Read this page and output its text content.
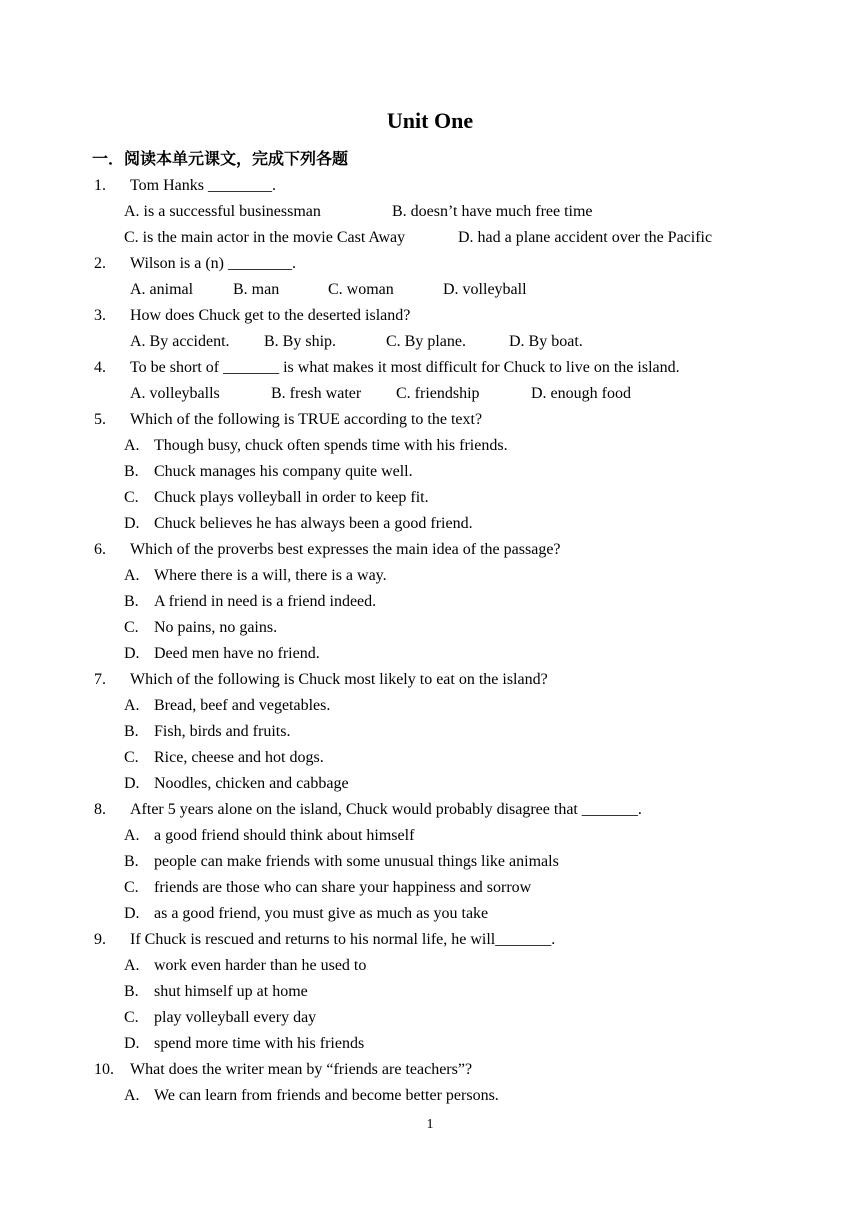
Unit One
一．阅读本单元课文，完成下列各题
1. Tom Hanks ________.
A. is a successful businessman	B. doesn’t have much free time
C. is the main actor in the movie Cast Away	D. had a plane accident over the Pacific
2. Wilson is a (n) ________.
A. animal B. man	C. woman	D. volleyball
3. How does Chuck get to the deserted island?
A. By accident. B. By ship.	C. By plane.	D. By boat.
4. To be short of _______ is what makes it most difficult for Chuck to live on the island.
A. volleyballs	B. fresh water C. friendship	D. enough food
5. Which of the following is TRUE according to the text?
A. Though busy, chuck often spends time with his friends.
B. Chuck manages his company quite well.
C. Chuck plays volleyball in order to keep fit.
D. Chuck believes he has always been a good friend.
6. Which of the proverbs best expresses the main idea of the passage?
A. Where there is a will, there is a way.
B. A friend in need is a friend indeed.
C. No pains, no gains.
D. Deed men have no friend.
7. Which of the following is Chuck most likely to eat on the island?
A. Bread, beef and vegetables.
B. Fish, birds and fruits.
C. Rice, cheese and hot dogs.
D. Noodles, chicken and cabbage
8. After 5 years alone on the island, Chuck would probably disagree that _______.
A. a good friend should think about himself
B. people can make friends with some unusual things like animals
C. friends are those who can share your happiness and sorrow
D. as a good friend, you must give as much as you take
9. If Chuck is rescued and returns to his normal life, he will_______.
A. work even harder than he used to
B. shut himself up at home
C. play volleyball every day
D. spend more time with his friends
10. What does the writer mean by “friends are teachers”?
A. We can learn from friends and become better persons.
1
